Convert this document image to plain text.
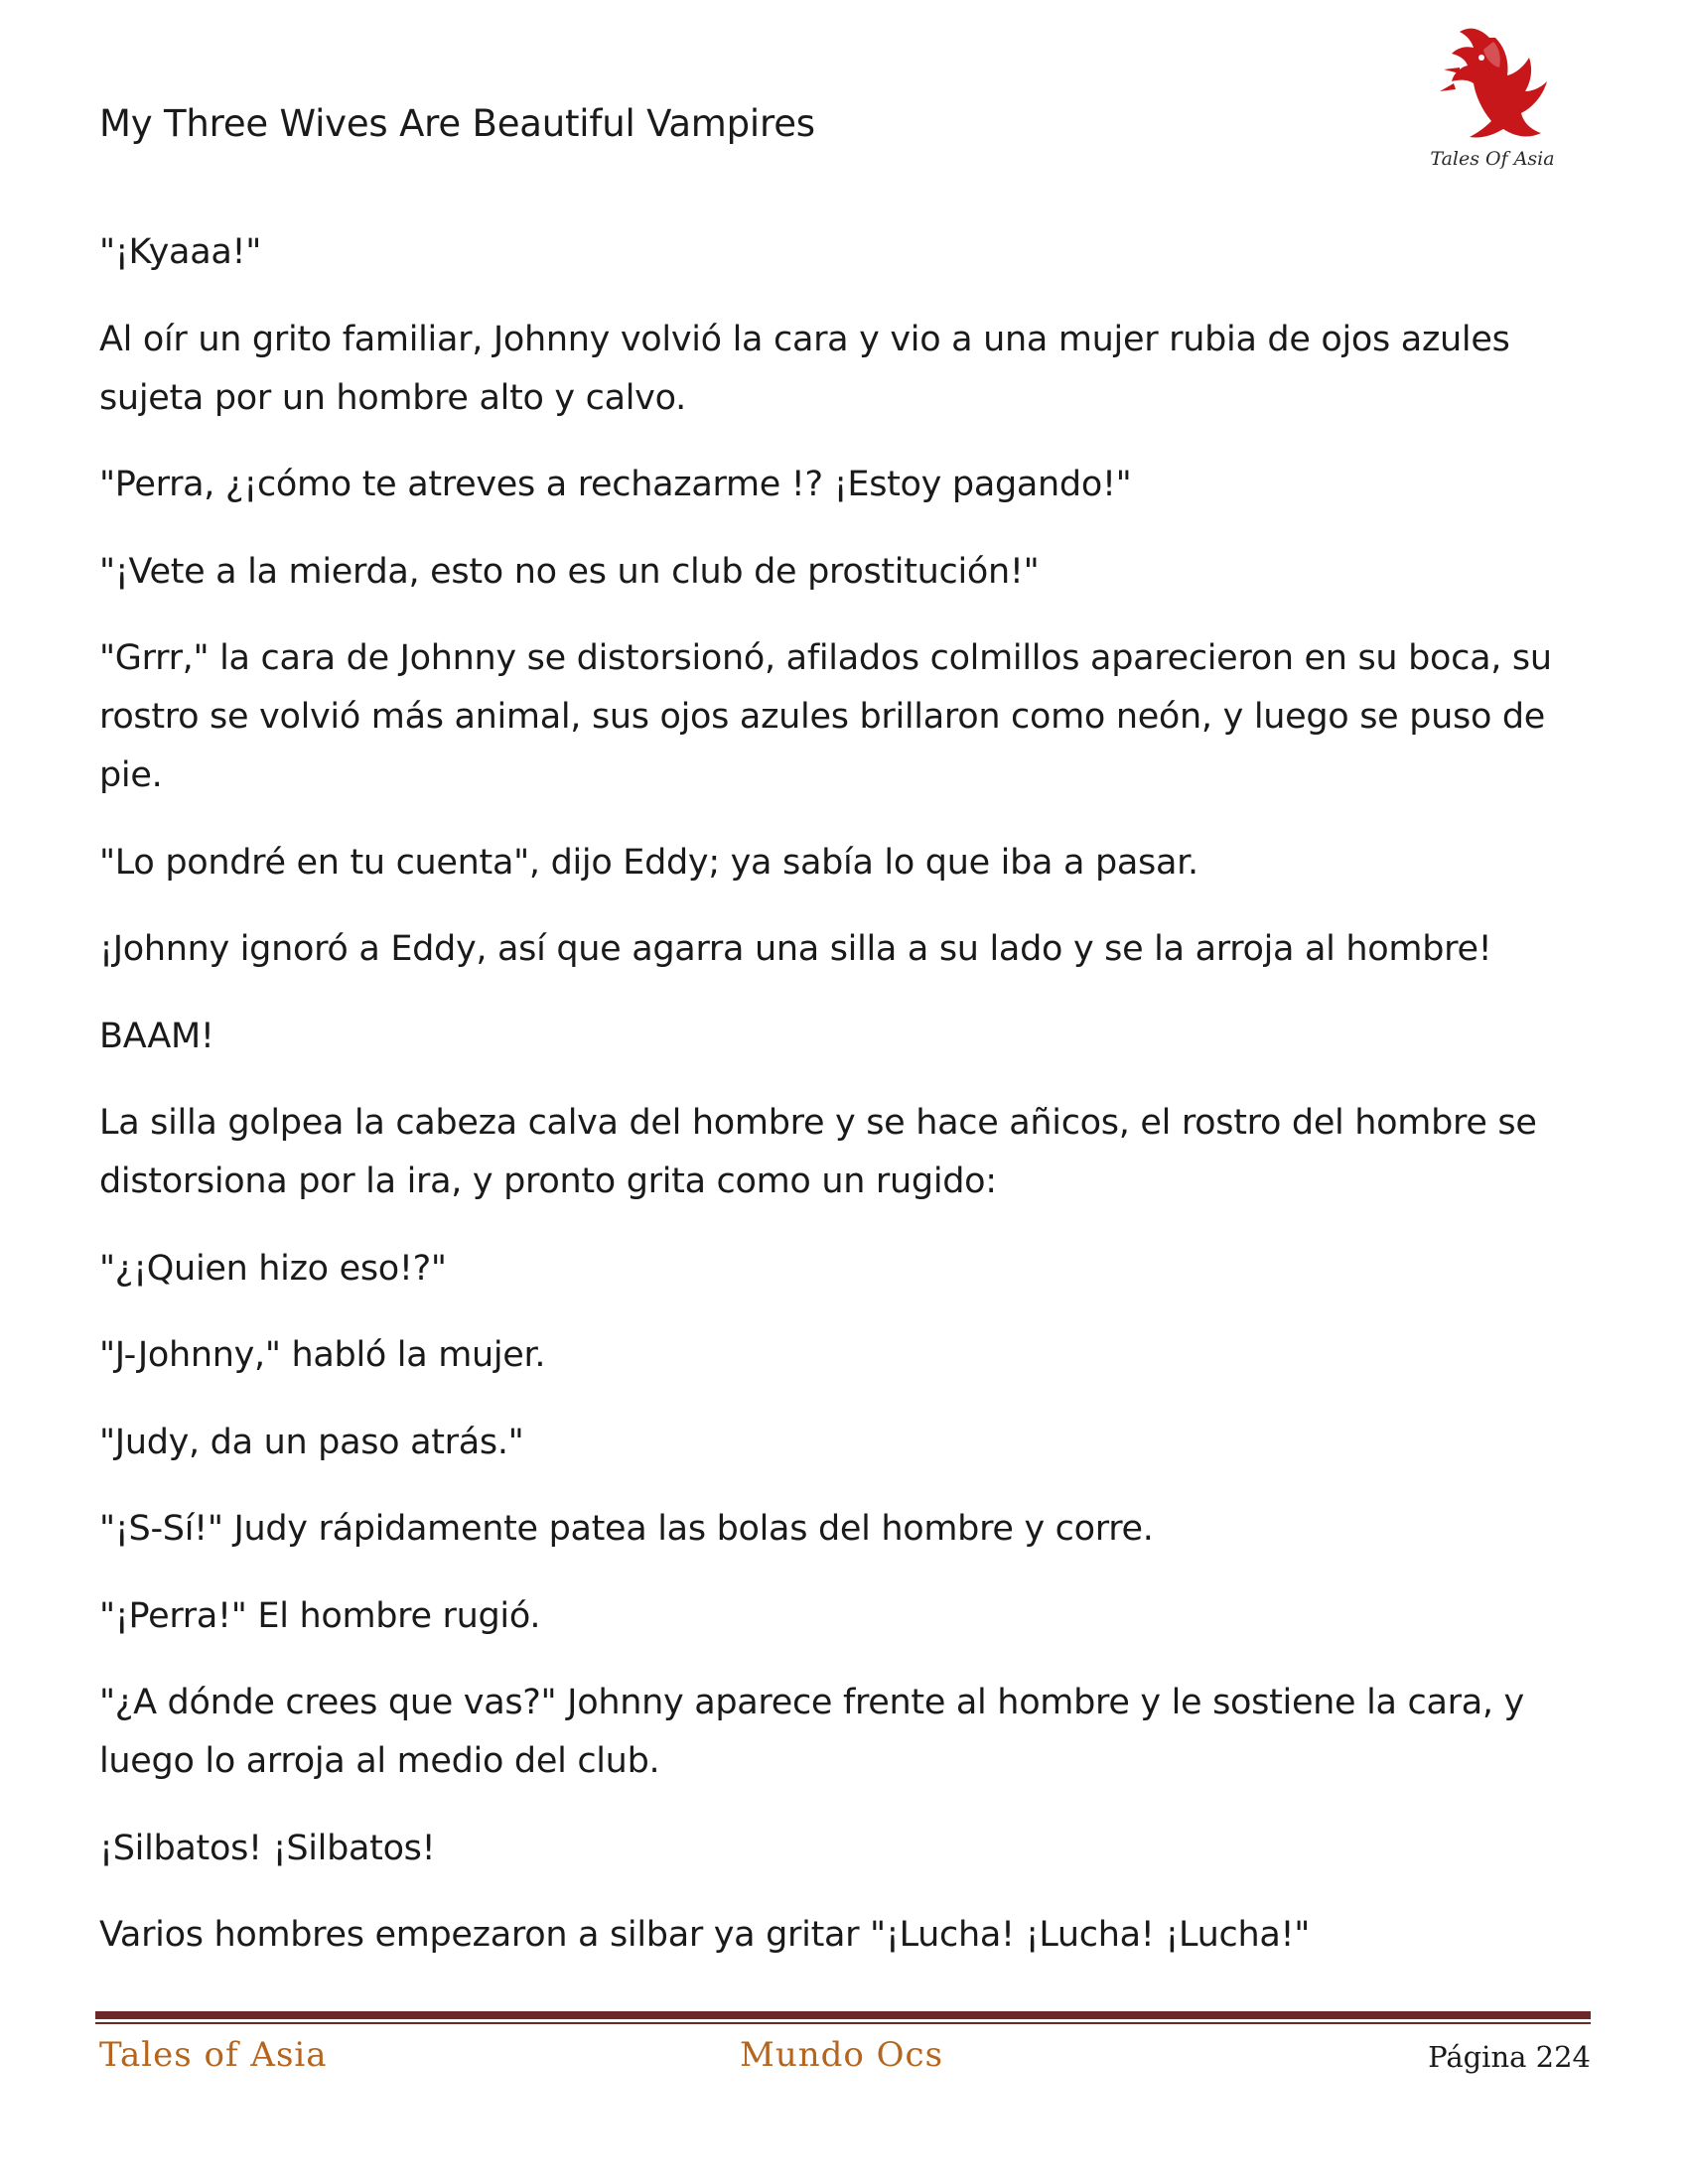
My Three Wives Are Beautiful Vampires
Tales Of Asia

"¡Kyaaa!"

Al oír un grito familiar, Johnny volvió la cara y vio a una mujer rubia de ojos azules sujeta por un hombre alto y calvo.

"Perra, ¿¡cómo te atreves a rechazarme !? ¡Estoy pagando!"

"¡Vete a la mierda, esto no es un club de prostitución!"

"Grrr," la cara de Johnny se distorsionó, afilados colmillos aparecieron en su boca, su rostro se volvió más animal, sus ojos azules brillaron como neón, y luego se puso de pie.

"Lo pondré en tu cuenta", dijo Eddy; ya sabía lo que iba a pasar.

¡Johnny ignoró a Eddy, así que agarra una silla a su lado y se la arroja al hombre!

BAAM!

La silla golpea la cabeza calva del hombre y se hace añicos, el rostro del hombre se distorsiona por la ira, y pronto grita como un rugido:

"¿¡Quien hizo eso!?"

"J-Johnny," habló la mujer.

"Judy, da un paso atrás."

"¡S-Sí!" Judy rápidamente patea las bolas del hombre y corre.

"¡Perra!" El hombre rugió.

"¿A dónde crees que vas?" Johnny aparece frente al hombre y le sostiene la cara, y luego lo arroja al medio del club.

¡Silbatos! ¡Silbatos!

Varios hombres empezaron a silbar ya gritar "¡Lucha! ¡Lucha! ¡Lucha!"

Tales of Asia	Mundo Ocs	Página 224
